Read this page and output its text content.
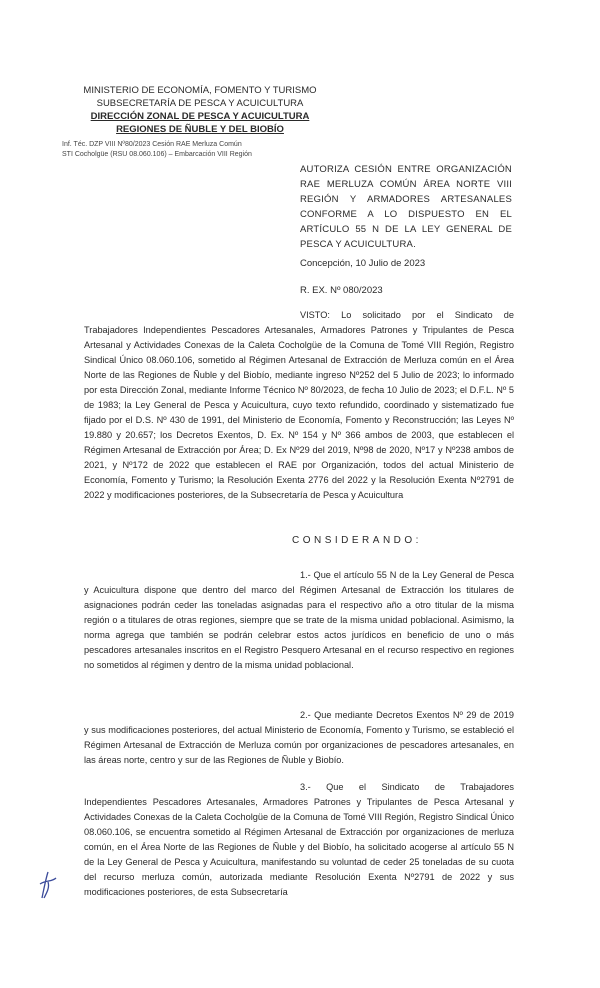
MINISTERIO DE ECONOMÍA, FOMENTO Y TURISMO
SUBSECRETARÍA DE PESCA Y ACUICULTURA
DIRECCIÓN ZONAL DE PESCA Y ACUICULTURA
REGIONES DE ÑUBLE Y DEL BIOBÍO
Inf. Téc. DZP VIII Nº80/2023 Cesión RAE Merluza Común
STI Cocholgüe (RSU 08.060.106) – Embarcación VIII Región
AUTORIZA CESIÓN ENTRE ORGANIZACIÓN RAE MERLUZA COMÚN ÁREA NORTE VIII REGIÓN Y ARMADORES ARTESANALES CONFORME A LO DISPUESTO EN EL ARTÍCULO 55 N DE LA LEY GENERAL DE PESCA Y ACUICULTURA.
Concepción, 10 Julio de 2023
R. EX. Nº 080/2023
VISTO: Lo solicitado por el Sindicato de Trabajadores Independientes Pescadores Artesanales, Armadores Patrones y Tripulantes de Pesca Artesanal y Actividades Conexas de la Caleta Cocholgüe de la Comuna de Tomé VIII Región, Registro Sindical Único 08.060.106, sometido al Régimen Artesanal de Extracción de Merluza común en el Área Norte de las Regiones de Ñuble y del Biobío, mediante ingreso Nº252 del 5 Julio de 2023; lo informado por esta Dirección Zonal, mediante Informe Técnico Nº 80/2023, de fecha 10 Julio de 2023; el D.F.L. Nº 5 de 1983; la Ley General de Pesca y Acuicultura, cuyo texto refundido, coordinado y sistematizado fue fijado por el D.S. Nº 430 de 1991, del Ministerio de Economía, Fomento y Reconstrucción; las Leyes Nº 19.880 y 20.657; los Decretos Exentos, D. Ex. Nº 154 y Nº 366 ambos de 2003, que establecen el Régimen Artesanal de Extracción por Área; D. Ex Nº29 del 2019, Nº98 de 2020, Nº17 y Nº238 ambos de 2021, y Nº172 de 2022 que establecen el RAE por Organización, todos del actual Ministerio de Economía, Fomento y Turismo; la Resolución Exenta 2776 del 2022 y la Resolución Exenta Nº2791 de 2022 y modificaciones posteriores, de la Subsecretaría de Pesca y Acuicultura
CONSIDERANDO:
1.- Que el artículo 55 N de la Ley General de Pesca y Acuicultura dispone que dentro del marco del Régimen Artesanal de Extracción los titulares de asignaciones podrán ceder las toneladas asignadas para el respectivo año a otro titular de la misma región o a titulares de otras regiones, siempre que se trate de la misma unidad poblacional. Asimismo, la norma agrega que también se podrán celebrar estos actos jurídicos en beneficio de uno o más pescadores artesanales inscritos en el Registro Pesquero Artesanal en el recurso respectivo en regiones no sometidos al régimen y dentro de la misma unidad poblacional.
2.- Que mediante Decretos Exentos Nº 29 de 2019 y sus modificaciones posteriores, del actual Ministerio de Economía, Fomento y Turismo, se estableció el Régimen Artesanal de Extracción de Merluza común por organizaciones de pescadores artesanales, en las áreas norte, centro y sur de las Regiones de Ñuble y Biobío.
3.- Que el Sindicato de Trabajadores Independientes Pescadores Artesanales, Armadores Patrones y Tripulantes de Pesca Artesanal y Actividades Conexas de la Caleta Cocholgüe de la Comuna de Tomé VIII Región, Registro Sindical Único 08.060.106, se encuentra sometido al Régimen Artesanal de Extracción por organizaciones de merluza común, en el Área Norte de las Regiones de Ñuble y del Biobío, ha solicitado acogerse al artículo 55 N de la Ley General de Pesca y Acuicultura, manifestando su voluntad de ceder 25 toneladas de su cuota del recurso merluza común, autorizada mediante Resolución Exenta Nº2791 de 2022 y sus modificaciones posteriores, de esta Subsecretaría
